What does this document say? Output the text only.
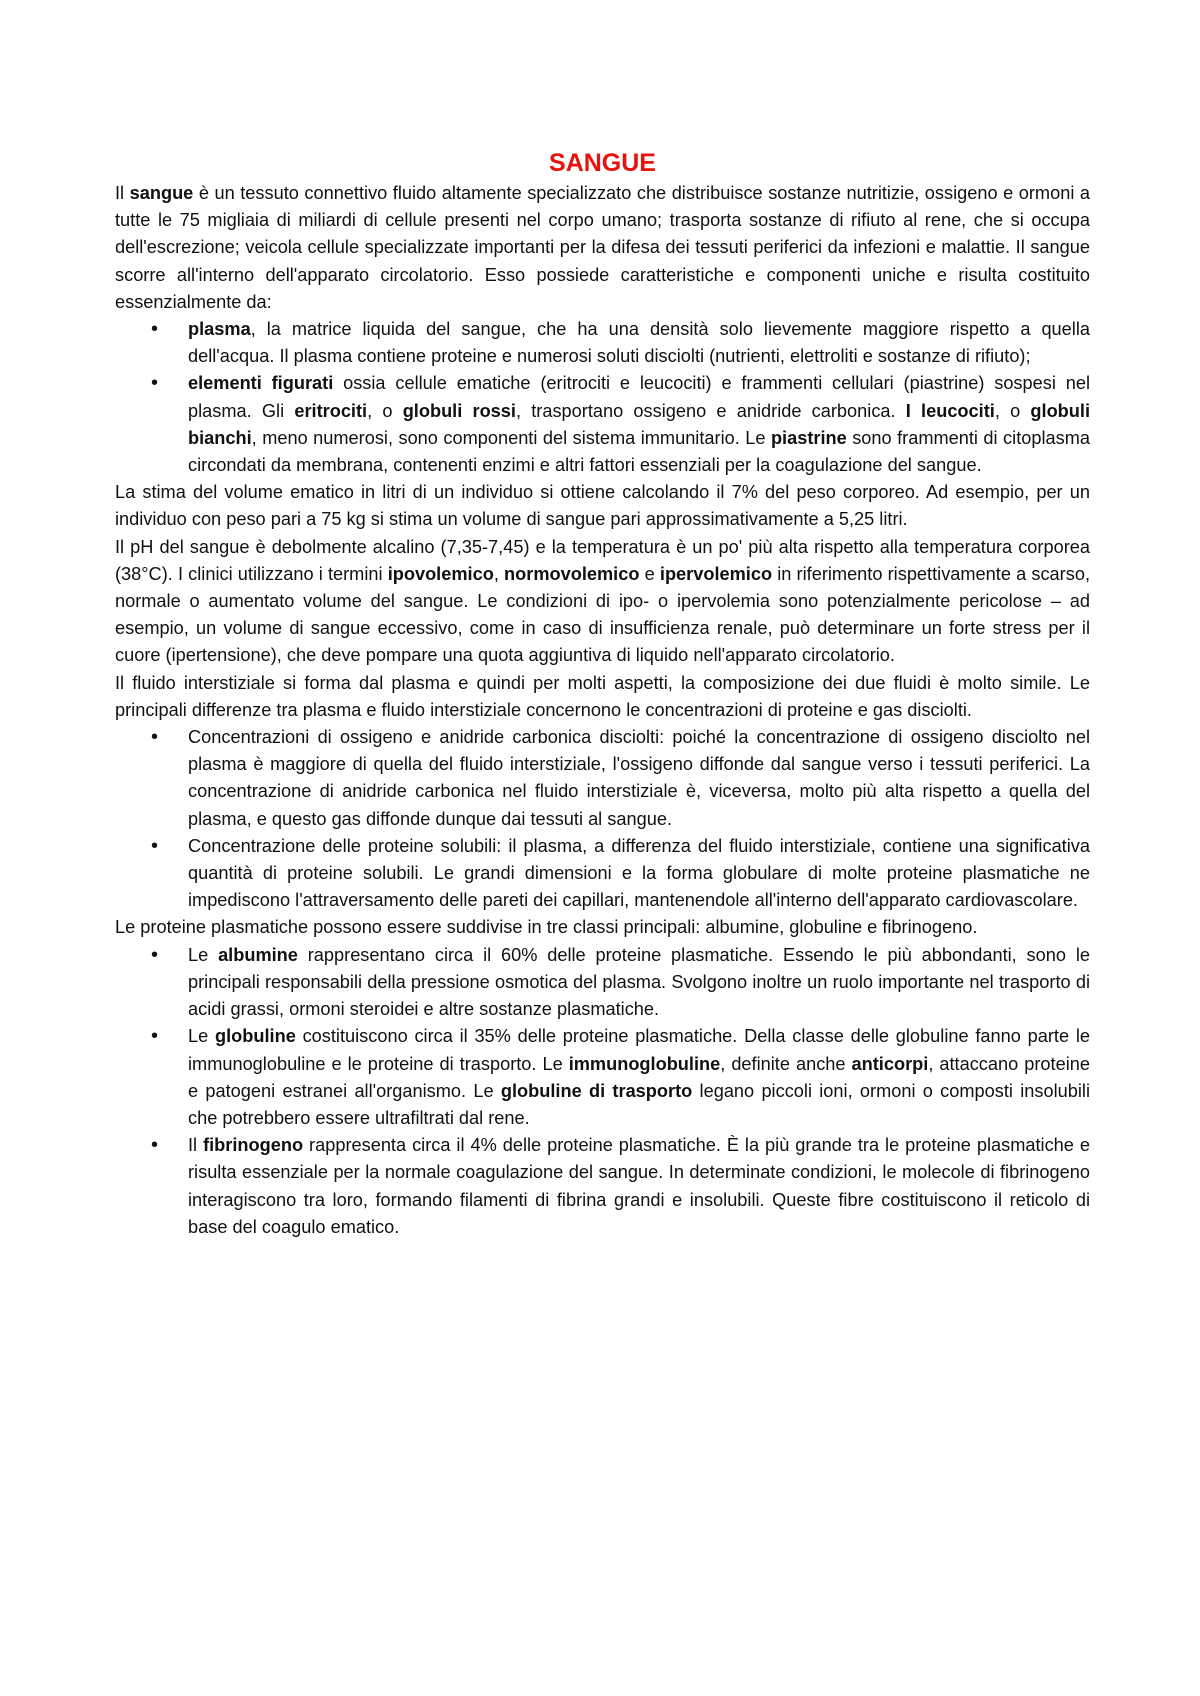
SANGUE

Il sangue è un tessuto connettivo fluido altamente specializzato che distribuisce sostanze nutritizie, ossigeno e ormoni a tutte le 75 migliaia di miliardi di cellule presenti nel corpo umano; trasporta sostanze di rifiuto al rene, che si occupa dell'escrezione; veicola cellule specializzate importanti per la difesa dei tessuti periferici da infezioni e malattie. Il sangue scorre all'interno dell'apparato circolatorio. Esso possiede caratteristiche e componenti uniche e risulta costituito essenzialmente da:

• plasma, la matrice liquida del sangue, che ha una densità solo lievemente maggiore rispetto a quella dell'acqua. Il plasma contiene proteine e numerosi soluti disciolti (nutrienti, elettroliti e sostanze di rifiuto);
• elementi figurati ossia cellule ematiche (eritrociti e leucociti) e frammenti cellulari (piastrine) sospesi nel plasma. Gli eritrociti, o globuli rossi, trasportano ossigeno e anidride carbonica. I leucociti, o globuli bianchi, meno numerosi, sono componenti del sistema immunitario. Le piastrine sono frammenti di citoplasma circondati da membrana, contenenti enzimi e altri fattori essenziali per la coagulazione del sangue.

La stima del volume ematico in litri di un individuo si ottiene calcolando il 7% del peso corporeo. Ad esempio, per un individuo con peso pari a 75 kg si stima un volume di sangue pari approssimativamente a 5,25 litri.

Il pH del sangue è debolmente alcalino (7,35-7,45) e la temperatura è un po' più alta rispetto alla temperatura corporea (38°C). I clinici utilizzano i termini ipovolemico, normovolemico e ipervolemico in riferimento rispettivamente a scarso, normale o aumentato volume del sangue. Le condizioni di ipo- o ipervolemia sono potenzialmente pericolose – ad esempio, un volume di sangue eccessivo, come in caso di insufficienza renale, può determinare un forte stress per il cuore (ipertensione), che deve pompare una quota aggiuntiva di liquido nell'apparato circolatorio.

Il fluido interstiziale si forma dal plasma e quindi per molti aspetti, la composizione dei due fluidi è molto simile. Le principali differenze tra plasma e fluido interstiziale concernono le concentrazioni di proteine e gas disciolti.

• Concentrazioni di ossigeno e anidride carbonica disciolti: poiché la concentrazione di ossigeno disciolto nel plasma è maggiore di quella del fluido interstiziale, l'ossigeno diffonde dal sangue verso i tessuti periferici. La concentrazione di anidride carbonica nel fluido interstiziale è, viceversa, molto più alta rispetto a quella del plasma, e questo gas diffonde dunque dai tessuti al sangue.
• Concentrazione delle proteine solubili: il plasma, a differenza del fluido interstiziale, contiene una significativa quantità di proteine solubili. Le grandi dimensioni e la forma globulare di molte proteine plasmatiche ne impediscono l'attraversamento delle pareti dei capillari, mantenendole all'interno dell'apparato cardiovascolare.

Le proteine plasmatiche possono essere suddivise in tre classi principali: albumine, globuline e fibrinogeno.

• Le albumine rappresentano circa il 60% delle proteine plasmatiche. Essendo le più abbondanti, sono le principali responsabili della pressione osmotica del plasma. Svolgono inoltre un ruolo importante nel trasporto di acidi grassi, ormoni steroidei e altre sostanze plasmatiche.
• Le globuline costituiscono circa il 35% delle proteine plasmatiche. Della classe delle globuline fanno parte le immunoglobuline e le proteine di trasporto. Le immunoglobuline, definite anche anticorpi, attaccano proteine e patogeni estranei all'organismo. Le globuline di trasporto legano piccoli ioni, ormoni o composti insolubili che potrebbero essere ultrafiltrati dal rene.
• Il fibrinogeno rappresenta circa il 4% delle proteine plasmatiche. È la più grande tra le proteine plasmatiche e risulta essenziale per la normale coagulazione del sangue. In determinate condizioni, le molecole di fibrinogeno interagiscono tra loro, formando filamenti di fibrina grandi e insolubili. Queste fibre costituiscono il reticolo di base del coagulo ematico.
